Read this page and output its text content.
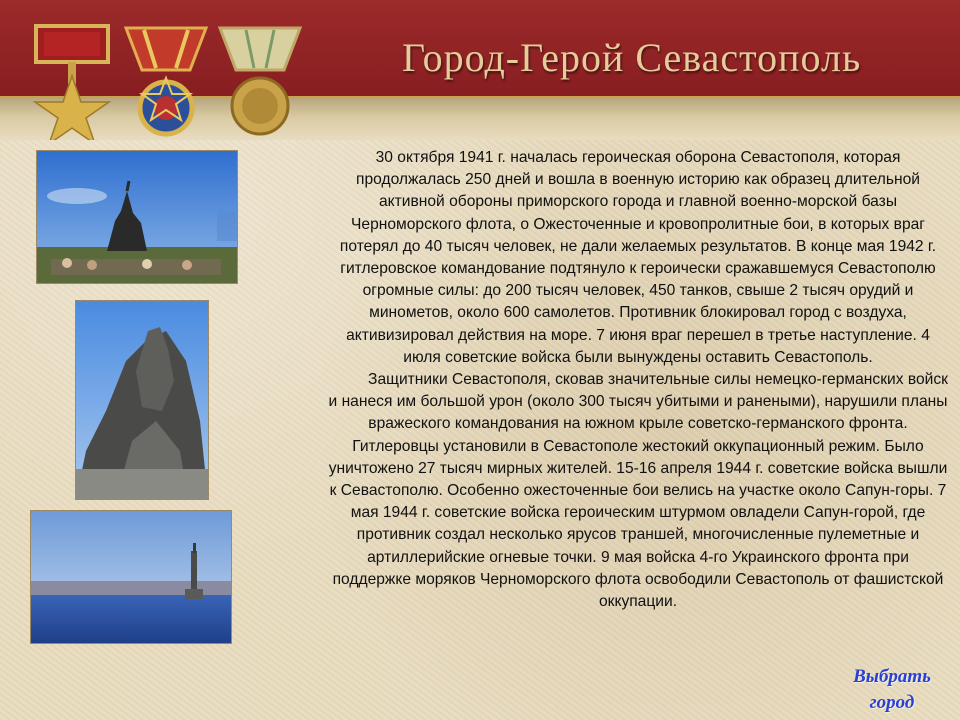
Город-Герой Севастополь

30 октября 1941 г. началась героическая оборона Севастополя, которая продолжалась 250 дней и вошла в военную историю как образец длительной активной обороны приморского города и главной военно-морской базы Черноморского флота, о Ожесточенные и кровопролитные бои, в которых враг потерял до 40 тысяч человек, не дали желаемых результатов. В конце мая 1942 г. гитлеровское командование подтянуло к героически сражавшемуся Севастополю огромные силы: до 200 тысяч человек, 450 танков, свыше 2 тысяч орудий и минометов, около 600 самолетов. Противник блокировал город с воздуха, активизировал действия на море. 7 июня враг перешел в третье наступление. 4 июля советские войска были вынуждены оставить Севастополь.

Защитники Севастополя, сковав значительные силы немецко-германских войск и нанеся им большой урон (около 300 тысяч убитыми и ранеными), нарушили планы вражеского командования на южном крыле советско-германского фронта. Гитлеровцы установили в Севастополе жестокий оккупационный режим. Было уничтожено 27 тысяч мирных жителей. 15-16 апреля 1944 г. советские войска вышли к Севастополю. Особенно ожесточенные бои велись на участке около Сапун-горы. 7 мая 1944 г. советские войска героическим штурмом овладели Сапун-горой, где противник создал несколько ярусов траншей, многочисленные пулеметные и артиллерийские огневые точки. 9 мая войска 4-го Украинского фронта при поддержке моряков Черноморского флота освободили Севастополь от фашистской оккупации.

Выбрать
город
